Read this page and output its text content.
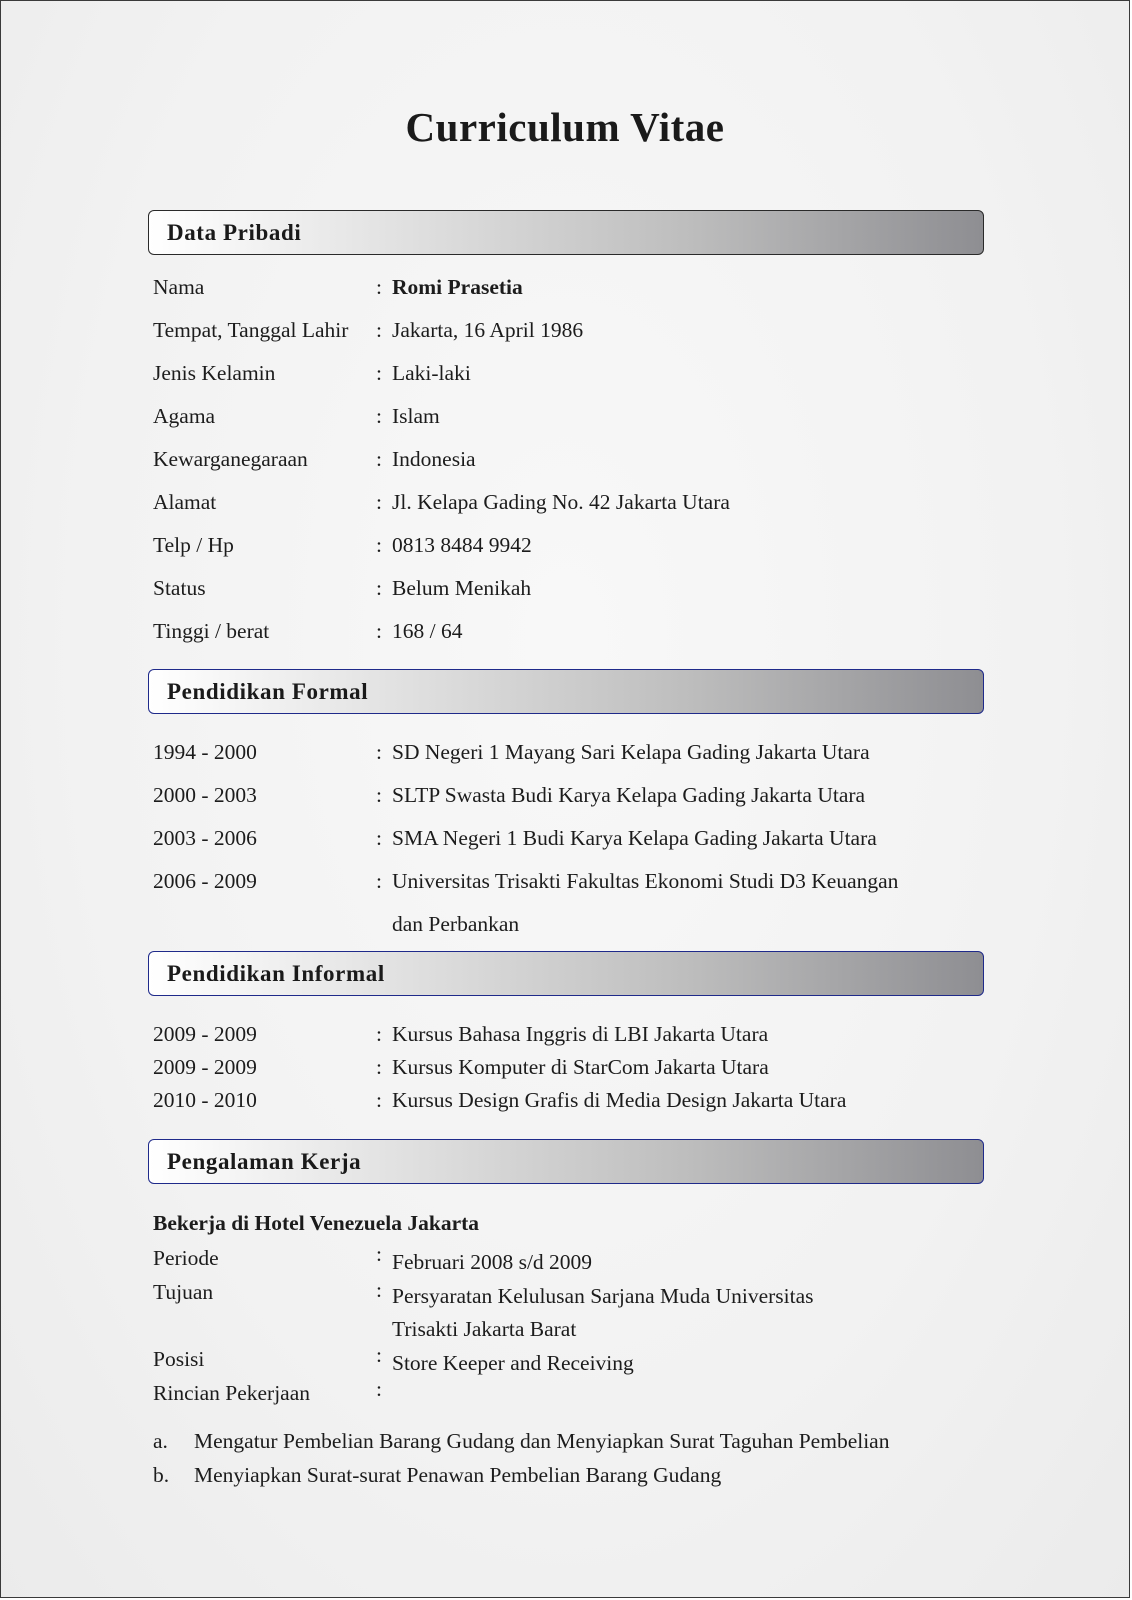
Curriculum Vitae
Data Pribadi
Nama	: Romi Prasetia
Tempat, Tanggal Lahir : Jakarta, 16 April 1986
Jenis Kelamin	: Laki-laki
Agama	: Islam
Kewarganegaraan	: Indonesia
Alamat	: Jl. Kelapa Gading No. 42 Jakarta Utara
Telp / Hp	: 0813 8484 9942
Status	: Belum Menikah
Tinggi / berat	: 168 / 64
Pendidikan Formal
1994 - 2000	: SD Negeri 1 Mayang Sari Kelapa Gading Jakarta Utara
2000 - 2003	: SLTP Swasta Budi Karya Kelapa Gading Jakarta Utara
2003 - 2006	: SMA Negeri 1 Budi Karya Kelapa Gading Jakarta Utara
2006 - 2009	: Universitas Trisakti Fakultas Ekonomi Studi D3 Keuangan
dan Perbankan
Pendidikan Informal
2009 - 2009	: Kursus Bahasa Inggris di LBI Jakarta Utara
2009 - 2009	: Kursus Komputer di StarCom Jakarta Utara
2010 - 2010	: Kursus Design Grafis di Media Design Jakarta Utara
Pengalaman Kerja
Bekerja di Hotel Venezuela Jakarta
Periode	: Februari 2008 s/d 2009
Tujuan	: Persyaratan Kelulusan Sarjana Muda Universitas
Trisakti Jakarta Barat
Posisi	: Store Keeper and Receiving
Rincian Pekerjaan	:
a. Mengatur Pembelian Barang Gudang dan Menyiapkan Surat Taguhan Pembelian
b. Menyiapkan Surat-surat Penawan Pembelian Barang Gudang
